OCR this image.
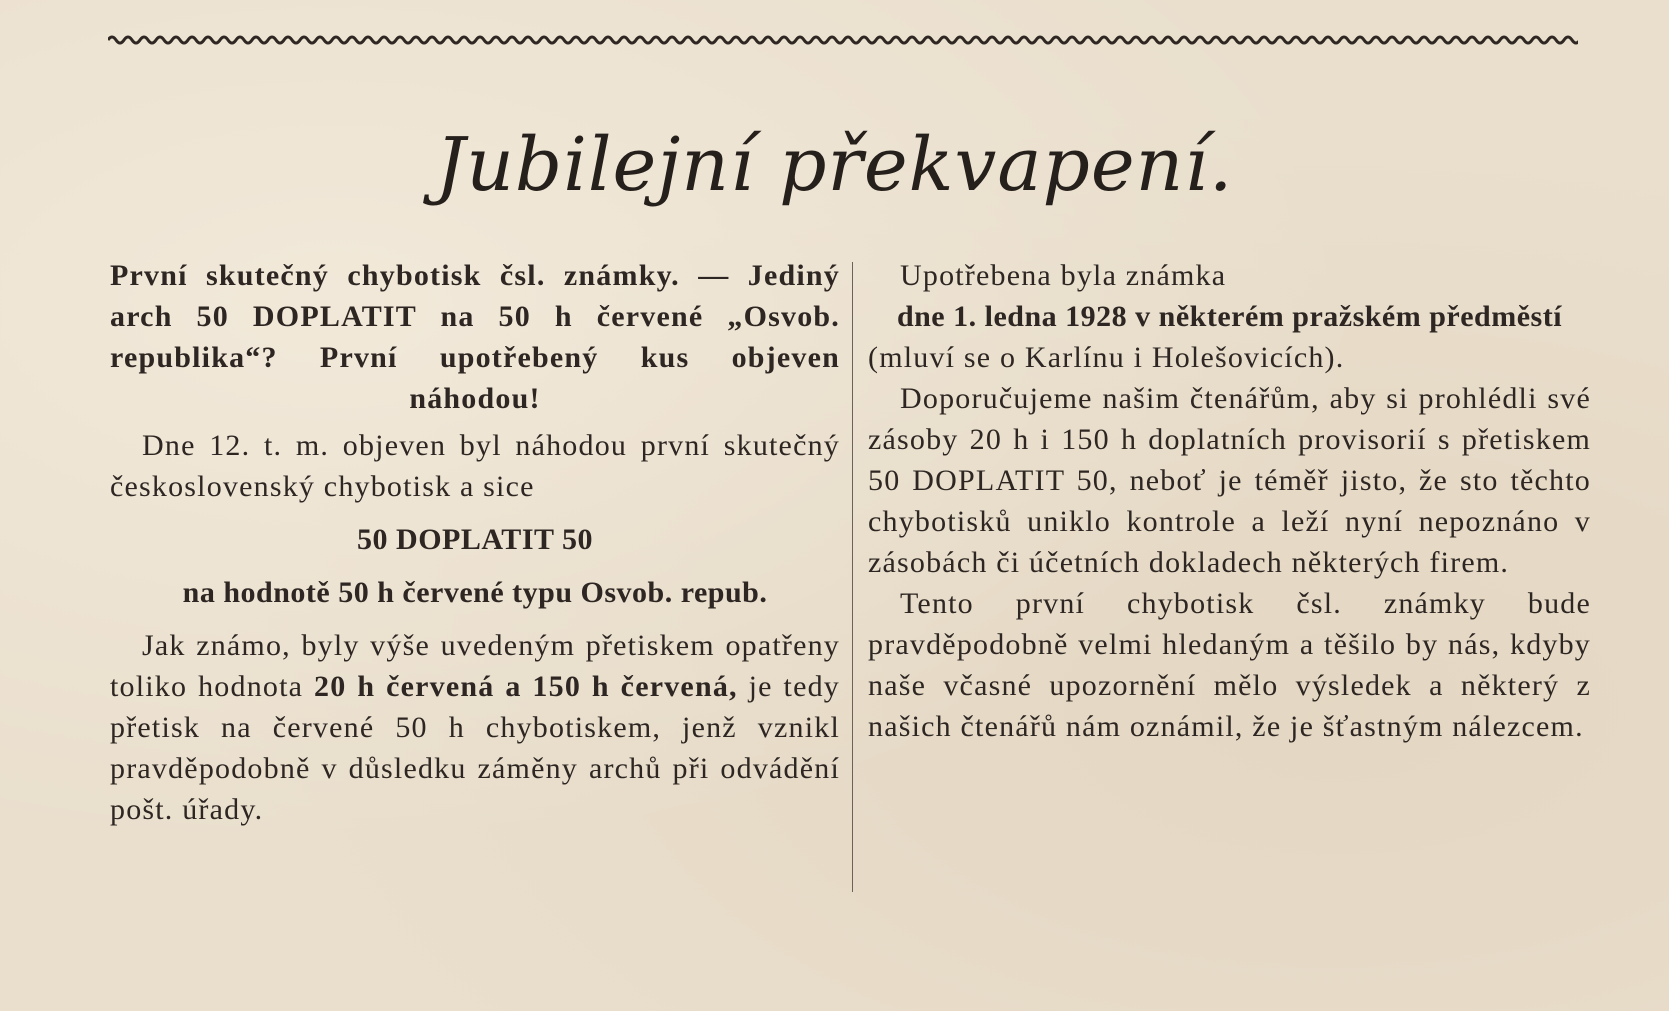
Jubilejní překvapení.

První skutečný chybotisk čsl. známky. — Jediný arch 50 DOPLATIT na 50 h červené „Osvob. republika“? První upotřebený kus objeven náhodou!

Dne 12. t. m. objeven byl náhodou první skutečný československý chybotisk a sice

50 DOPLATIT 50

na hodnotě 50 h červené typu Osvob. repub.

Jak známo, byly výše uvedeným přetiskem opatřeny toliko hodnota 20 h červená a 150 h červená, je tedy přetisk na červené 50 h chybotiskem, jenž vznikl pravděpodobně v důsledku záměny archů při odvádění pošt. úřady.

Upotřebena byla známka

dne 1. ledna 1928 v některém pražském předměstí

(mluví se o Karlínu i Holešovicích).

Doporučujeme našim čtenářům, aby si prohlédli své zásoby 20 h i 150 h doplatních provisorií s přetiskem 50 DOPLATIT 50, neboť je téměř jisto, že sto těchto chybotisků uniklo kontrole a leží nyní nepoznáno v zásobách či účetních dokladech některých firem.

Tento první chybotisk čsl. známky bude pravděpodobně velmi hledaným a těšilo by nás, kdyby naše včasné upozornění mělo výsledek a některý z našich čtenářů nám oznámil, že je šťastným nálezcem.
